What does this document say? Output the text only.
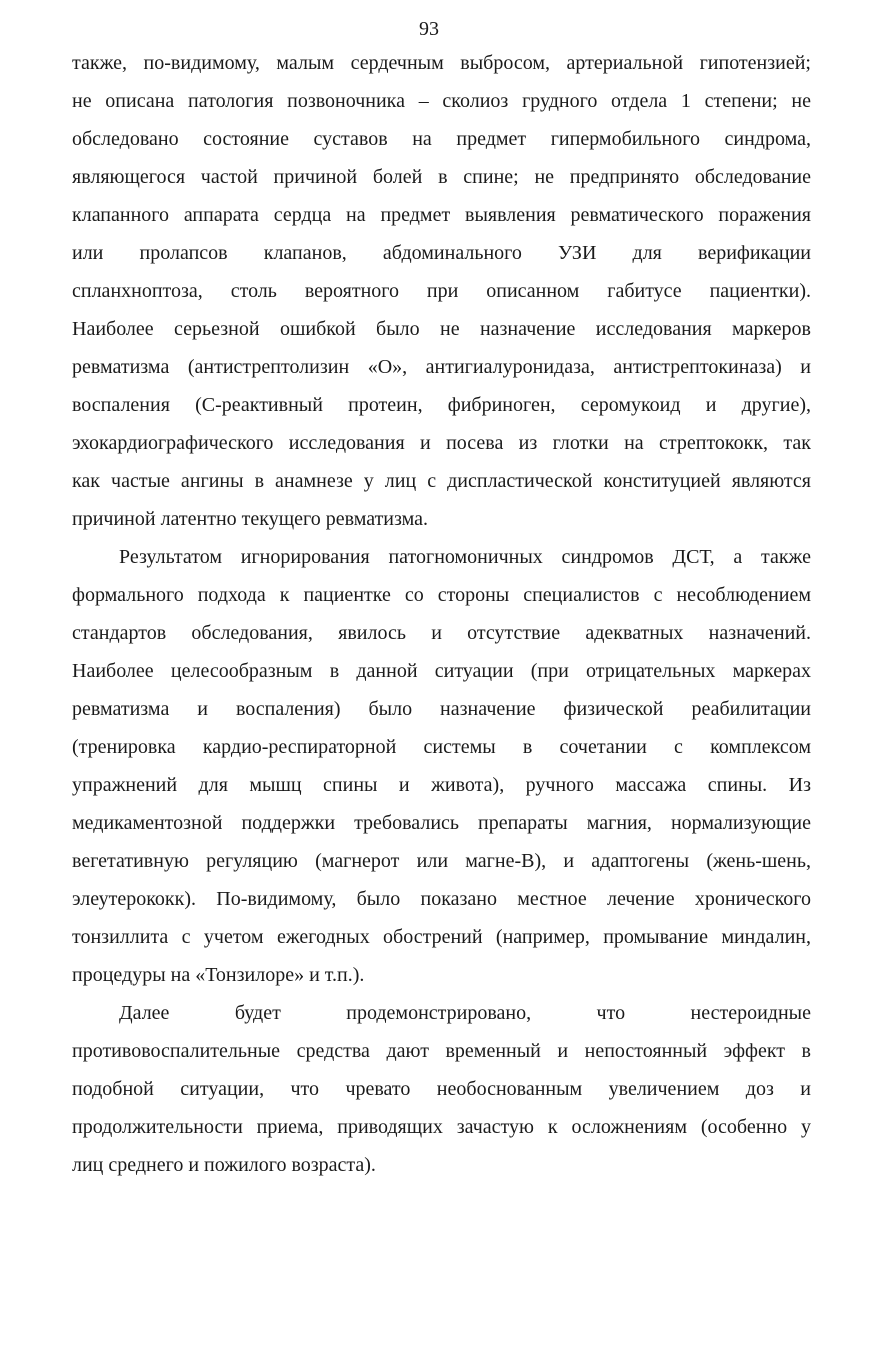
93
также, по-видимому, малым сердечным выбросом, артериальной гипотензией;
не описана патология позвоночника – сколиоз грудного отдела 1 степени; не
обследовано состояние суставов на предмет гипермобильного синдрома,
являющегося частой причиной болей в спине; не предпринято обследование
клапанного аппарата сердца на предмет выявления ревматического поражения
или пролапсов клапанов, абдоминального УЗИ для верификации
спланхноптоза, столь вероятного при описанном габитусе пациентки).
Наиболее серьезной ошибкой было не назначение исследования маркеров
ревматизма (антистрептолизин «О», антигиалуронидаза, антистрептокиназа) и
воспаления (С-реактивный протеин, фибриноген, серомукоид и другие),
эхокардиографического исследования и посева из глотки на стрептококк, так
как частые ангины в анамнезе у лиц с диспластической конституцией являются
причиной латентно текущего ревматизма.
Результатом игнорирования патогномоничных синдромов ДСТ, а также
формального подхода к пациентке со стороны специалистов с несоблюдением
стандартов обследования, явилось и отсутствие адекватных назначений.
Наиболее целесообразным в данной ситуации (при отрицательных маркерах
ревматизма и воспаления) было назначение физической реабилитации
(тренировка кардио-респираторной системы в сочетании с комплексом
упражнений для мышц спины и живота), ручного массажа спины. Из
медикаментозной поддержки требовались препараты магния, нормализующие
вегетативную регуляцию (магнерот или магне-В), и адаптогены (жень-шень,
элеутерококк). По-видимому, было показано местное лечение хронического
тонзиллита с учетом ежегодных обострений (например, промывание миндалин,
процедуры на «Тонзилоре» и т.п.).
Далее будет продемонстрировано, что нестероидные
противовоспалительные средства дают временный и непостоянный эффект в
подобной ситуации, что чревато необоснованным увеличением доз и
продолжительности приема, приводящих зачастую к осложнениям (особенно у
лиц среднего и пожилого возраста).
